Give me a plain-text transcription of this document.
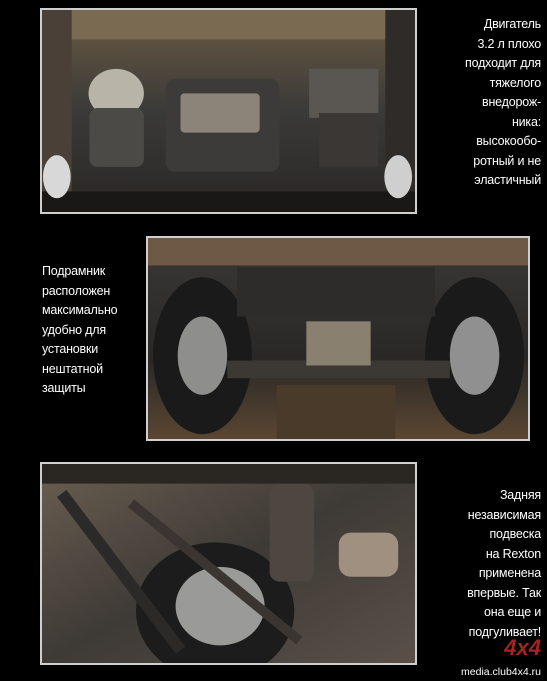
Двигатель
3.2 л плохо
подходит для
тяжелого
внедорож-
ника:
высокообо-
ротный и не
эластичный
Подрамник
расположен
максимально
удобно для
установки
нештатной
защиты
Задняя
независимая
подвеска
на Rexton
применена
впервые. Так
она еще и
подгуливает!
4x4
media.club4x4.ru
